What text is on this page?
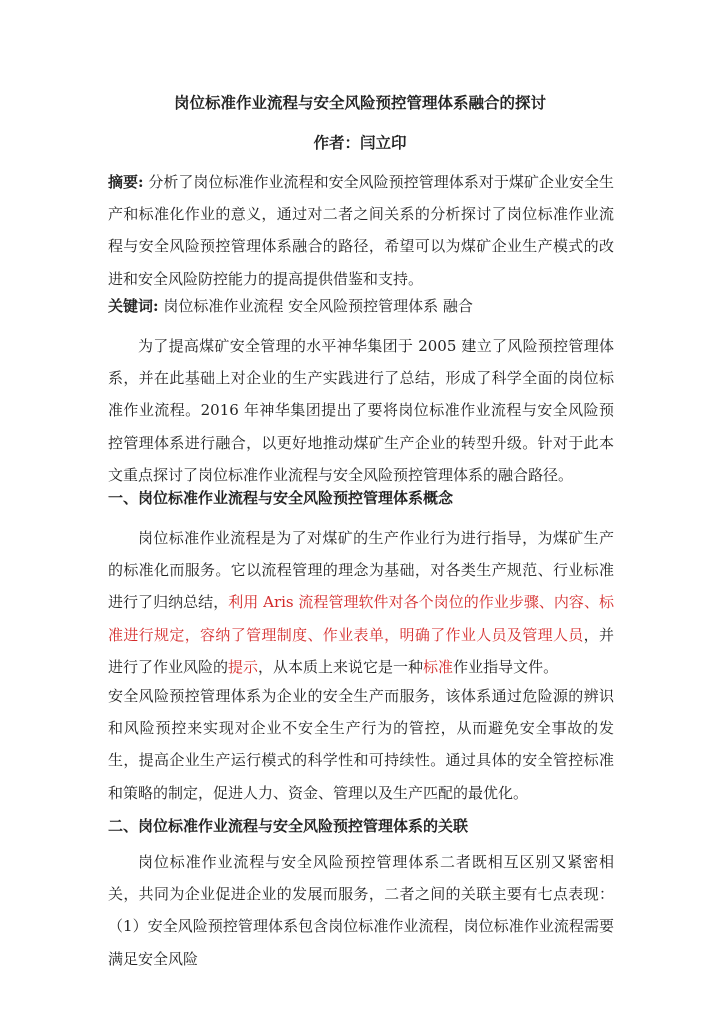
岗位标准作业流程与安全风险预控管理体系融合的探讨
作者：闫立印
摘要: 分析了岗位标准作业流程和安全风险预控管理体系对于煤矿企业安全生产和标准化作业的意义，通过对二者之间关系的分析探讨了岗位标准作业流程与安全风险预控管理体系融合的路径，希望可以为煤矿企业生产模式的改进和安全风险防控能力的提高提供借鉴和支持。
关键词: 岗位标准作业流程 安全风险预控管理体系 融合
为了提高煤矿安全管理的水平神华集团于 2005 建立了风险预控管理体系，并在此基础上对企业的生产实践进行了总结，形成了科学全面的岗位标准作业流程。2016 年神华集团提出了要将岗位标准作业流程与安全风险预控管理体系进行融合，以更好地推动煤矿生产企业的转型升级。针对于此本文重点探讨了岗位标准作业流程与安全风险预控管理体系的融合路径。
一、岗位标准作业流程与安全风险预控管理体系概念
岗位标准作业流程是为了对煤矿的生产作业行为进行指导，为煤矿生产的标准化而服务。它以流程管理的理念为基础，对各类生产规范、行业标准进行了归纳总结，利用 Aris 流程管理软件对各个岗位的作业步骤、内容、标准进行规定，容纳了管理制度、作业表单，明确了作业人员及管理人员，并进行了作业风险的提示，从本质上来说它是一种标准作业指导文件。
安全风险预控管理体系为企业的安全生产而服务，该体系通过危险源的辨识和风险预控来实现对企业不安全生产行为的管控，从而避免安全事故的发生，提高企业生产运行模式的科学性和可持续性。通过具体的安全管控标准和策略的制定，促进人力、资金、管理以及生产匹配的最优化。
二、岗位标准作业流程与安全风险预控管理体系的关联
岗位标准作业流程与安全风险预控管理体系二者既相互区别又紧密相关，共同为企业促进企业的发展而服务，二者之间的关联主要有七点表现：（1）安全风险预控管理体系包含岗位标准作业流程，岗位标准作业流程需要满足安全风险
